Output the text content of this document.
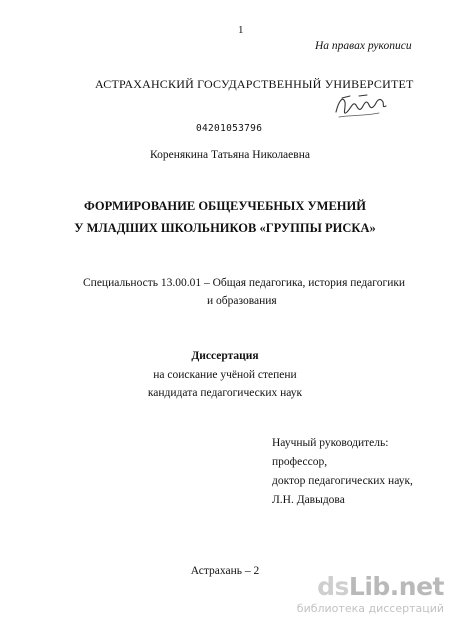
1
На правах рукописи
АСТРАХАНСКИЙ ГОСУДАРСТВЕННЫЙ УНИВЕРСИТЕТ
04201053796
Коренякина Татьяна Николаевна
ФОРМИРОВАНИЕ ОБЩЕУЧЕБНЫХ УМЕНИЙ
У МЛАДШИХ ШКОЛЬНИКОВ «ГРУППЫ РИСКА»
Специальность 13.00.01 – Общая педагогика, история педагогики
и образования
Диссертация
на соискание учёной степени
кандидата педагогических наук
Научный руководитель:
профессор,
доктор педагогических наук,
Л.Н. Давыдова
Астрахань – 2
dsLib.net
библиотека диссертаций
